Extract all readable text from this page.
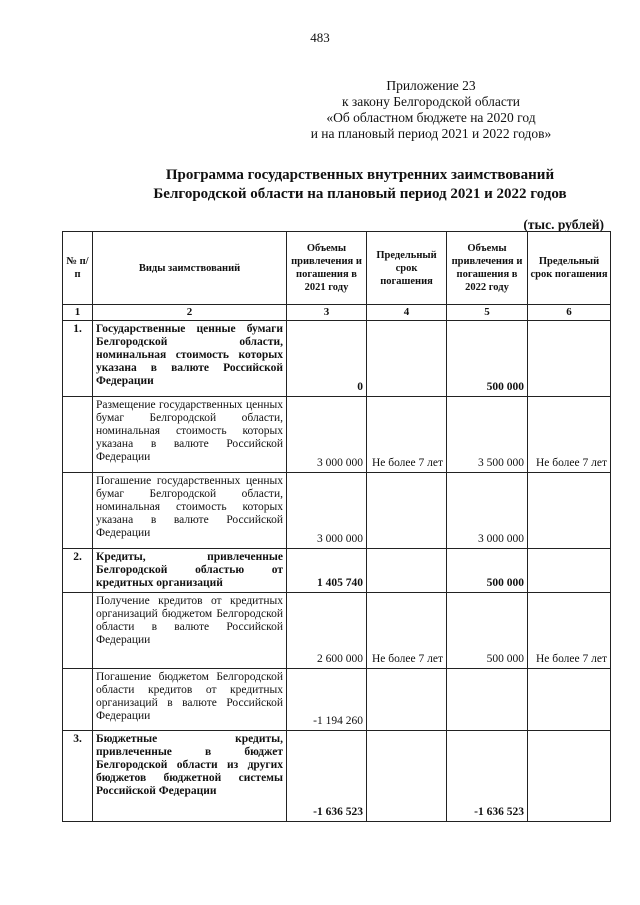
483
Приложение 23
к закону Белгородской области
«Об областном бюджете на 2020 год
и на плановый период 2021 и 2022 годов»
Программа государственных внутренних заимствований
Белгородской области на плановый период 2021 и 2022 годов
(тыс. рублей)
№ п/п	Виды заимствований	Объемы привлечения и погашения в 2021 году	Предельный срок погашения	Объемы привлечения и погашения в 2022 году	Предельный срок погашения
1	2	3	4	5	6
1.	Государственные ценные бумаги Белгородской области, номинальная стоимость которых указана в валюте Российской Федерации	0		500 000	
	Размещение государственных ценных бумаг Белгородской области, номинальная стоимость которых указана в валюте Российской Федерации	3 000 000	Не более 7 лет	3 500 000	Не более 7 лет
	Погашение государственных ценных бумаг Белгородской области, номинальная стоимость которых указана в валюте Российской Федерации	3 000 000		3 000 000	
2.	Кредиты, привлеченные Белгородской областью от кредитных организаций	1 405 740		500 000	
	Получение кредитов от кредитных организаций бюджетом Белгородской области в валюте Российской Федерации	2 600 000	Не более 7 лет	500 000	Не более 7 лет
	Погашение бюджетом Белгородской области кредитов от кредитных организаций в валюте Российской Федерации	-1 194 260			
3.	Бюджетные кредиты, привлеченные в бюджет Белгородской области из других бюджетов бюджетной системы Российской Федерации	-1 636 523		-1 636 523	
